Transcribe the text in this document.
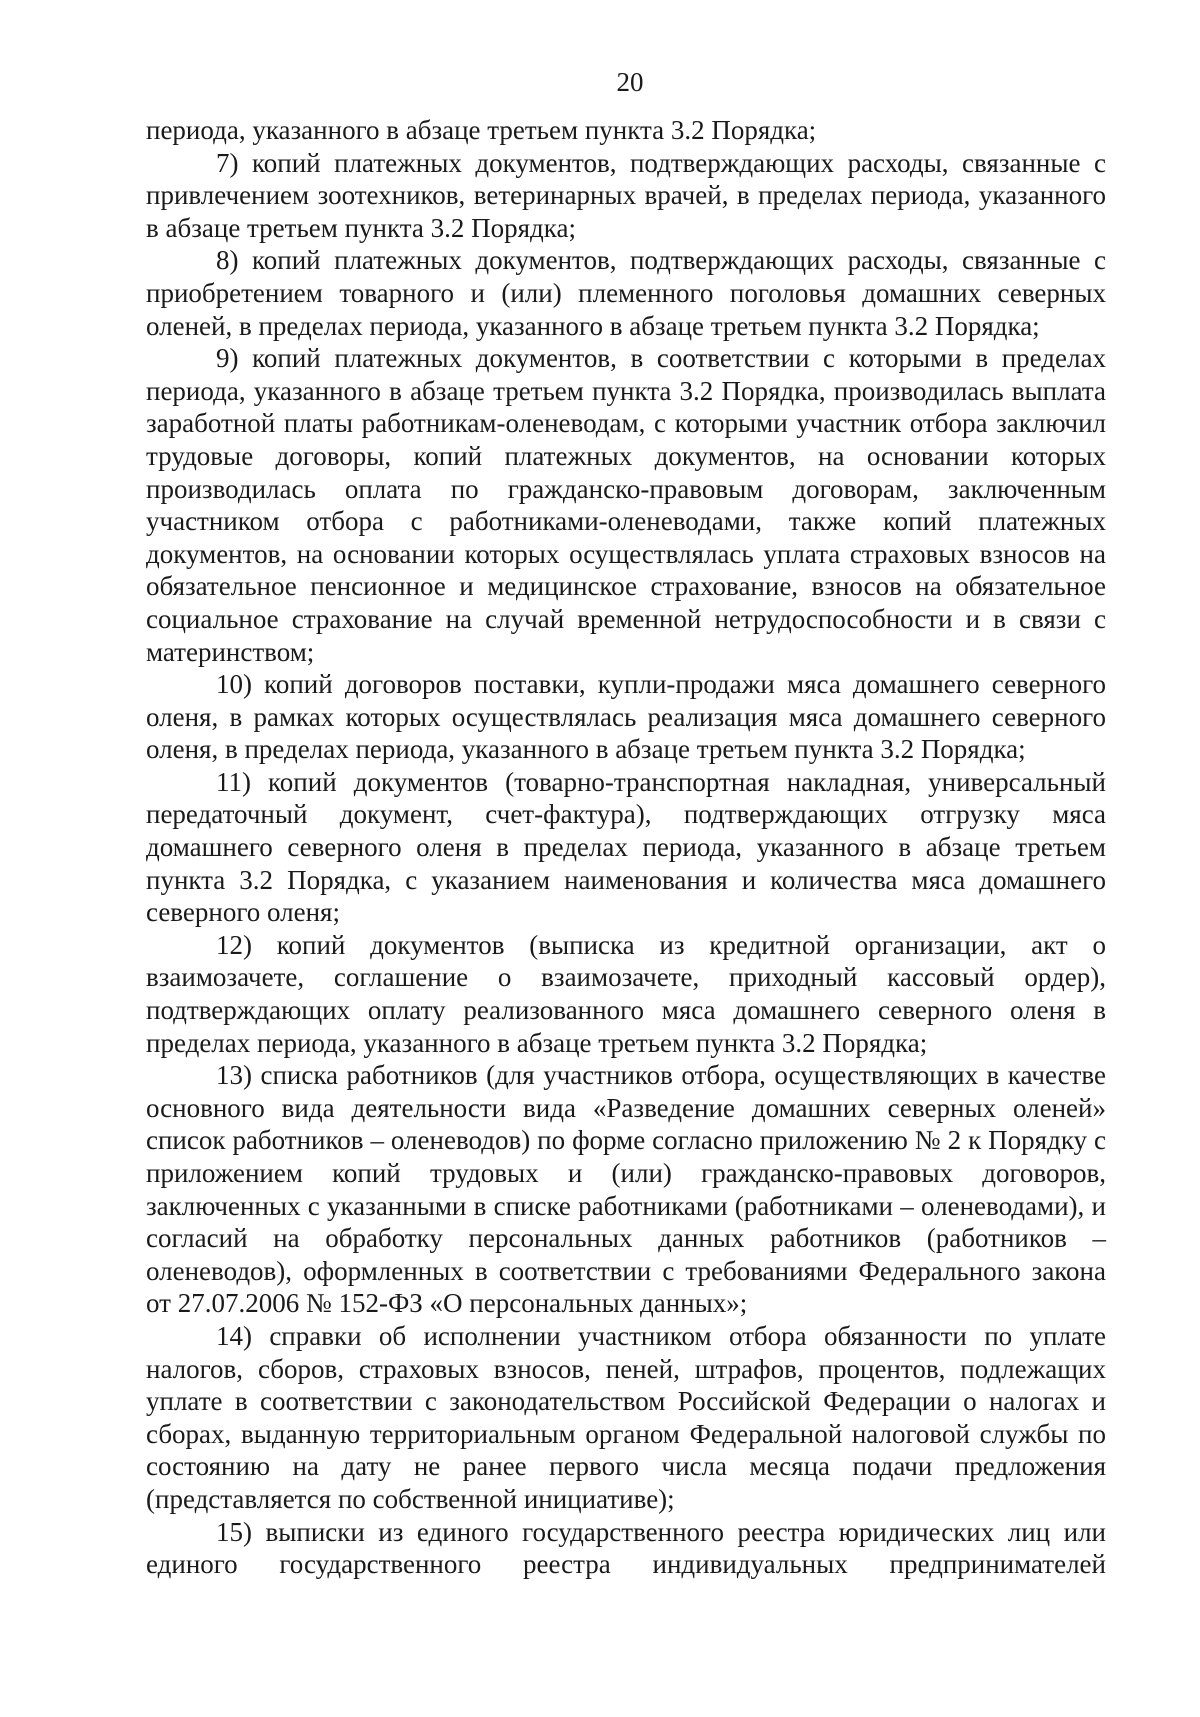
20

периода, указанного в абзаце третьем пункта 3.2 Порядка;

7) копий платежных документов, подтверждающих расходы, связанные с привлечением зоотехников, ветеринарных врачей, в пределах периода, указанного в абзаце третьем пункта 3.2 Порядка;

8) копий платежных документов, подтверждающих расходы, связанные с приобретением товарного и (или) племенного поголовья домашних северных оленей, в пределах периода, указанного в абзаце третьем пункта 3.2 Порядка;

9) копий платежных документов, в соответствии с которыми в пределах периода, указанного в абзаце третьем пункта 3.2 Порядка, производилась выплата заработной платы работникам-оленеводам, с которыми участник отбора заключил трудовые договоры, копий платежных документов, на основании которых производилась оплата по гражданско-правовым договорам, заключенным участником отбора с работниками-оленеводами, также копий платежных документов, на основании которых осуществлялась уплата страховых взносов на обязательное пенсионное и медицинское страхование, взносов на обязательное социальное страхование на случай временной нетрудоспособности и в связи с материнством;

10) копий договоров поставки, купли-продажи мяса домашнего северного оленя, в рамках которых осуществлялась реализация мяса домашнего северного оленя, в пределах периода, указанного в абзаце третьем пункта 3.2 Порядка;

11) копий документов (товарно-транспортная накладная, универсальный передаточный документ, счет-фактура), подтверждающих отгрузку мяса домашнего северного оленя в пределах периода, указанного в абзаце третьем пункта 3.2 Порядка, с указанием наименования и количества мяса домашнего северного оленя;

12) копий документов (выписка из кредитной организации, акт о взаимозачете, соглашение о взаимозачете, приходный кассовый ордер), подтверждающих оплату реализованного мяса домашнего северного оленя в пределах периода, указанного в абзаце третьем пункта 3.2 Порядка;

13) списка работников (для участников отбора, осуществляющих в качестве основного вида деятельности вида «Разведение домашних северных оленей» список работников – оленеводов) по форме согласно приложению № 2 к Порядку с приложением копий трудовых и (или) гражданско-правовых договоров, заключенных с указанными в списке работниками (работниками – оленеводами), и согласий на обработку персональных данных работников (работников – оленеводов), оформленных в соответствии с требованиями Федерального закона от 27.07.2006 № 152-ФЗ «О персональных данных»;

14) справки об исполнении участником отбора обязанности по уплате налогов, сборов, страховых взносов, пеней, штрафов, процентов, подлежащих уплате в соответствии с законодательством Российской Федерации о налогах и сборах, выданную территориальным органом Федеральной налоговой службы по состоянию на дату не ранее первого числа месяца подачи предложения (представляется по собственной инициативе);

15) выписки из единого государственного реестра юридических лиц или единого государственного реестра индивидуальных предпринимателей
